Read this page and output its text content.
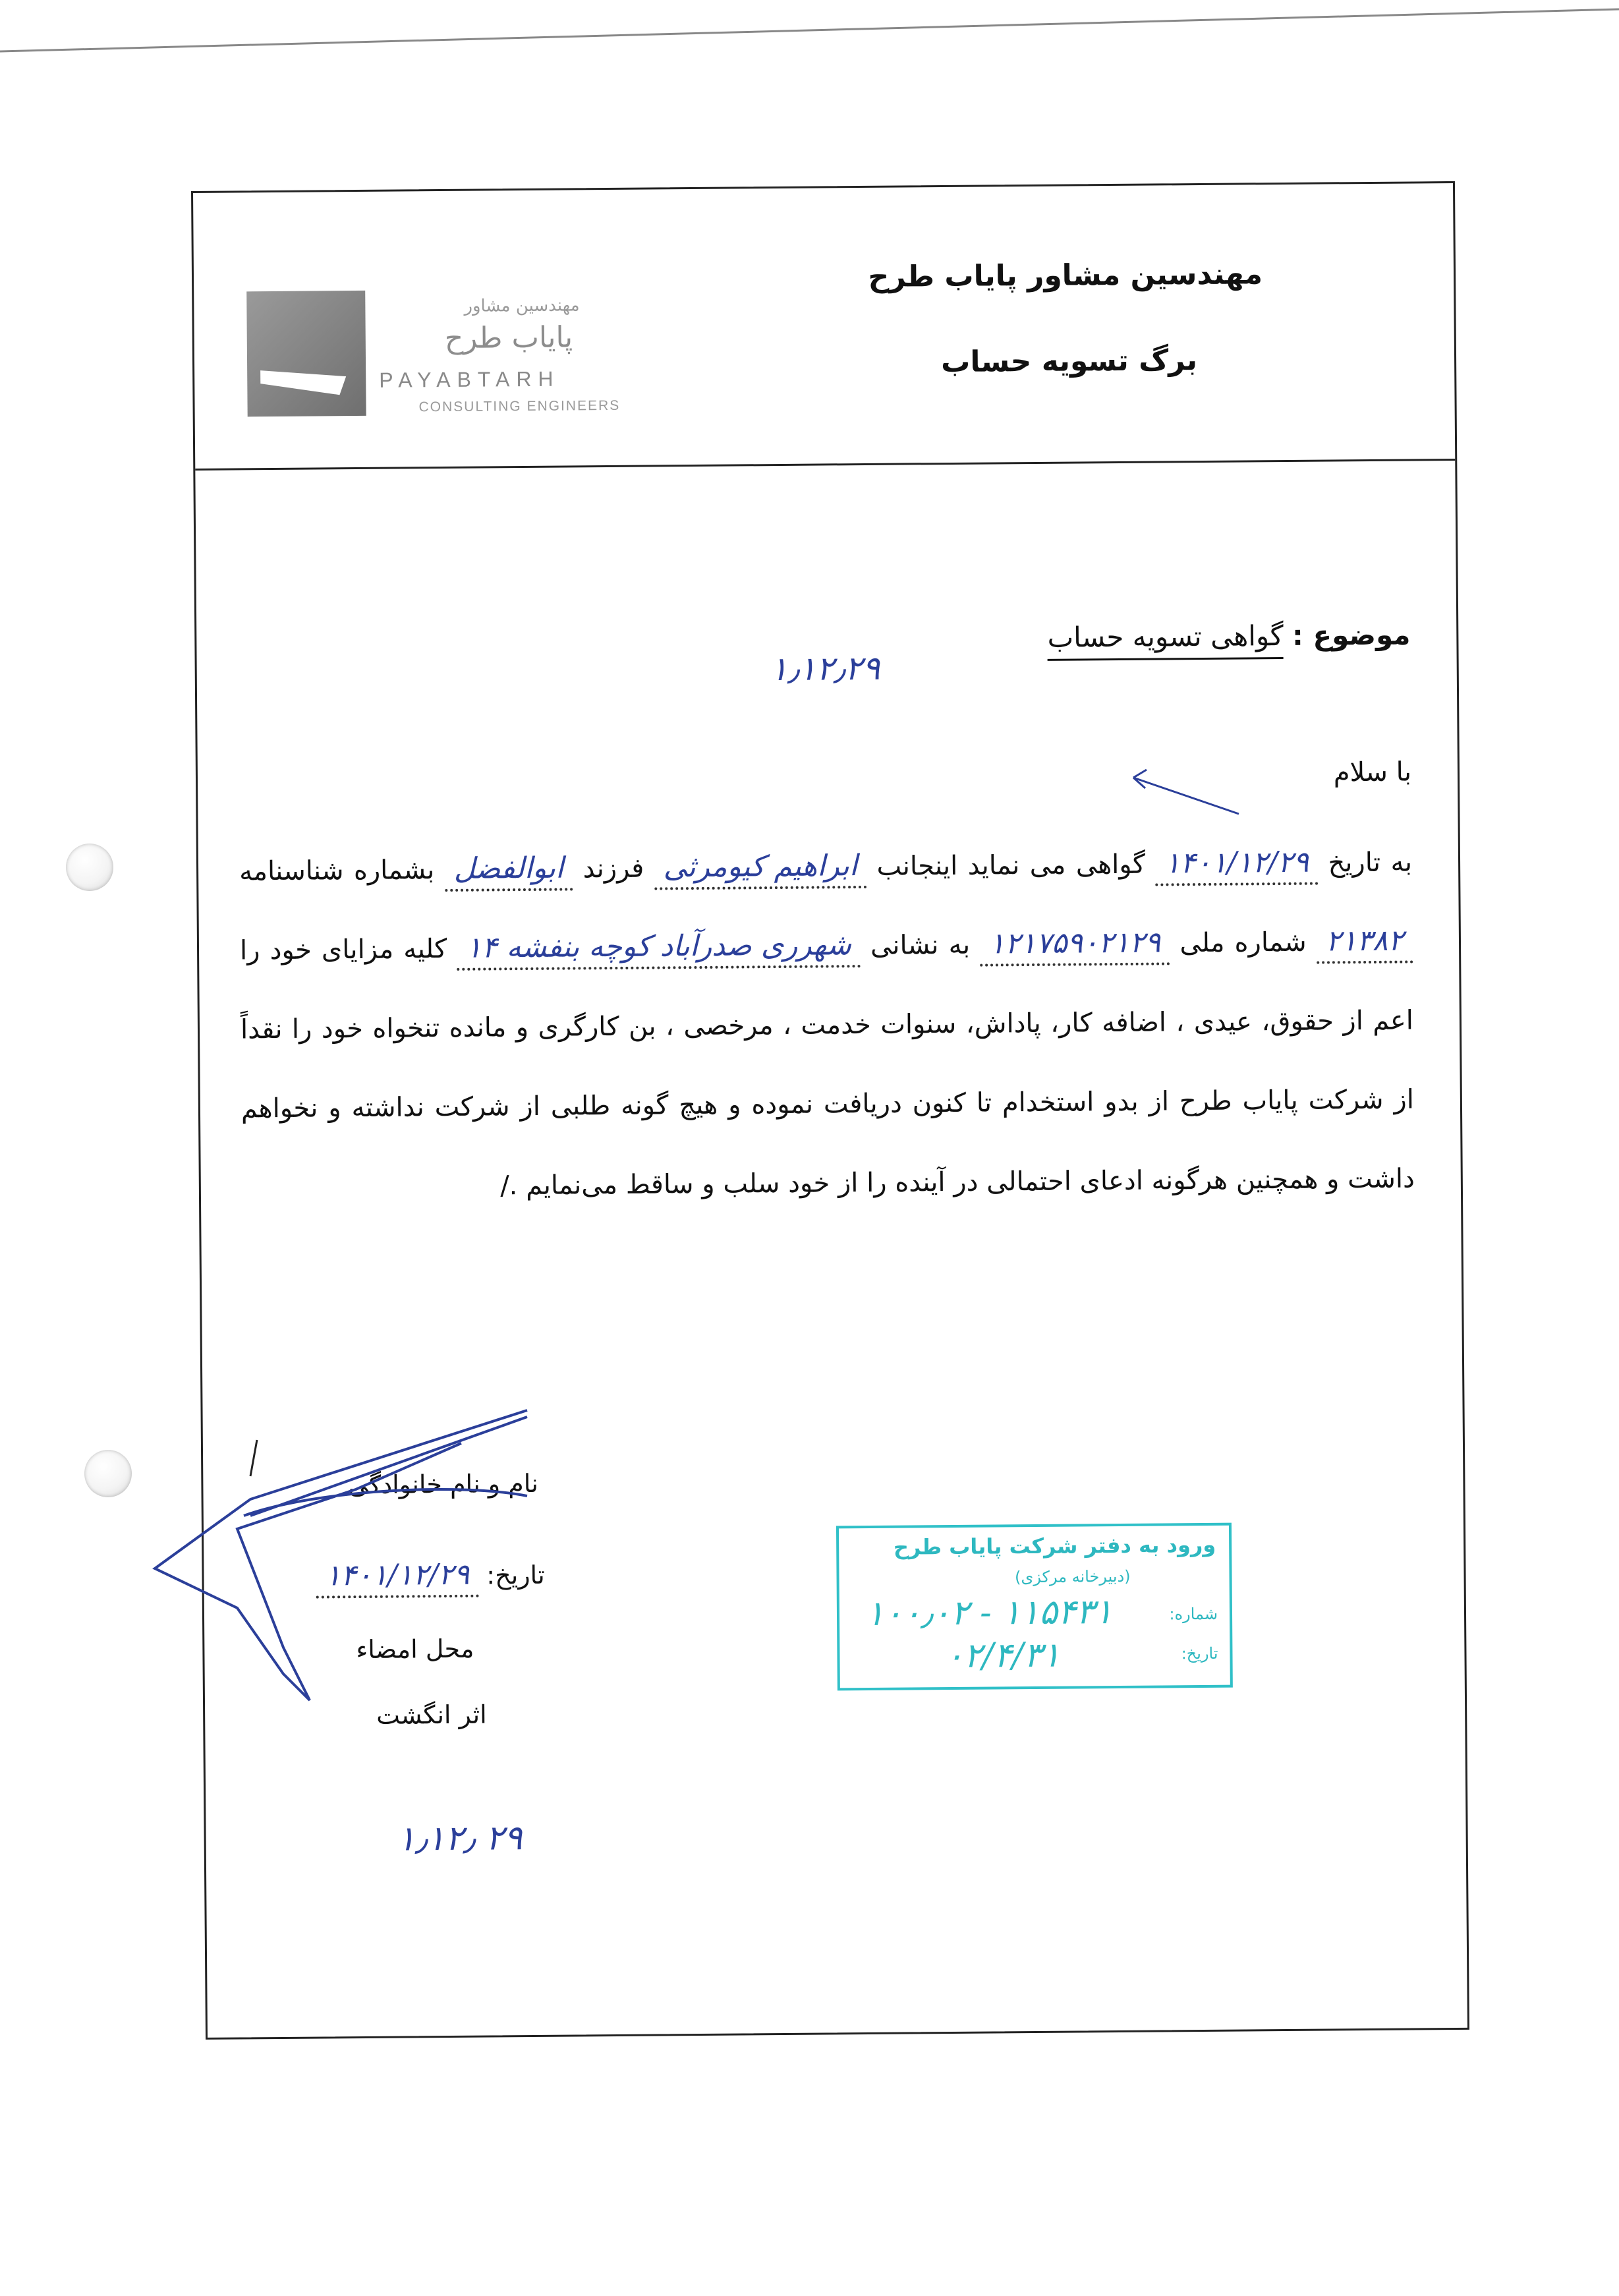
مهندسین مشاور
پایاب طرح
PAYABTARH
CONSULTING ENGINEERS
مهندسین مشاور پایاب طرح
برگ تسویه حساب
موضوع : گواهی تسویه حساب
۱٫۱۲٫۲۹
با سلام
به تاریخ ۱۴۰۱/۱۲/۲۹ گواهی می نماید اینجانب ابراهیم کیومرثی فرزند ابوالفضل بشماره شناسنامه ۲۱۳۸۲ شماره ملی ۱۲۱۷۵۹۰۲۱۲۹ به نشانی شهرری صدرآباد کوچه بنفشه ۱۴ کلیه مزایای خود را اعم از حقوق، عیدی ، اضافه کار، پاداش، سنوات خدمت ، مرخصی ، بن کارگری و مانده تنخواه خود را نقداً از شرکت پایاب طرح از بدو استخدام تا کنون دریافت نموده و هیچ گونه طلبی از شرکت نداشته و نخواهم داشت و همچنین هرگونه ادعای احتمالی در آینده را از خود سلب و ساقط می‌نمایم ./
نام و نام خانوادگی
تاریخ: ۱۴۰۱/۱۲/۲۹
محل امضاء
اثر انگشت
ورود به دفتر شرکت پایاب طرح
(دبیرخانه مرکزی)
شماره:
۱۰۰٫۰۲ - ۱۱۵۴۳۱
تاریخ:
۰۲/۴/۳۱
۱٫۱۲٫ ۲۹
